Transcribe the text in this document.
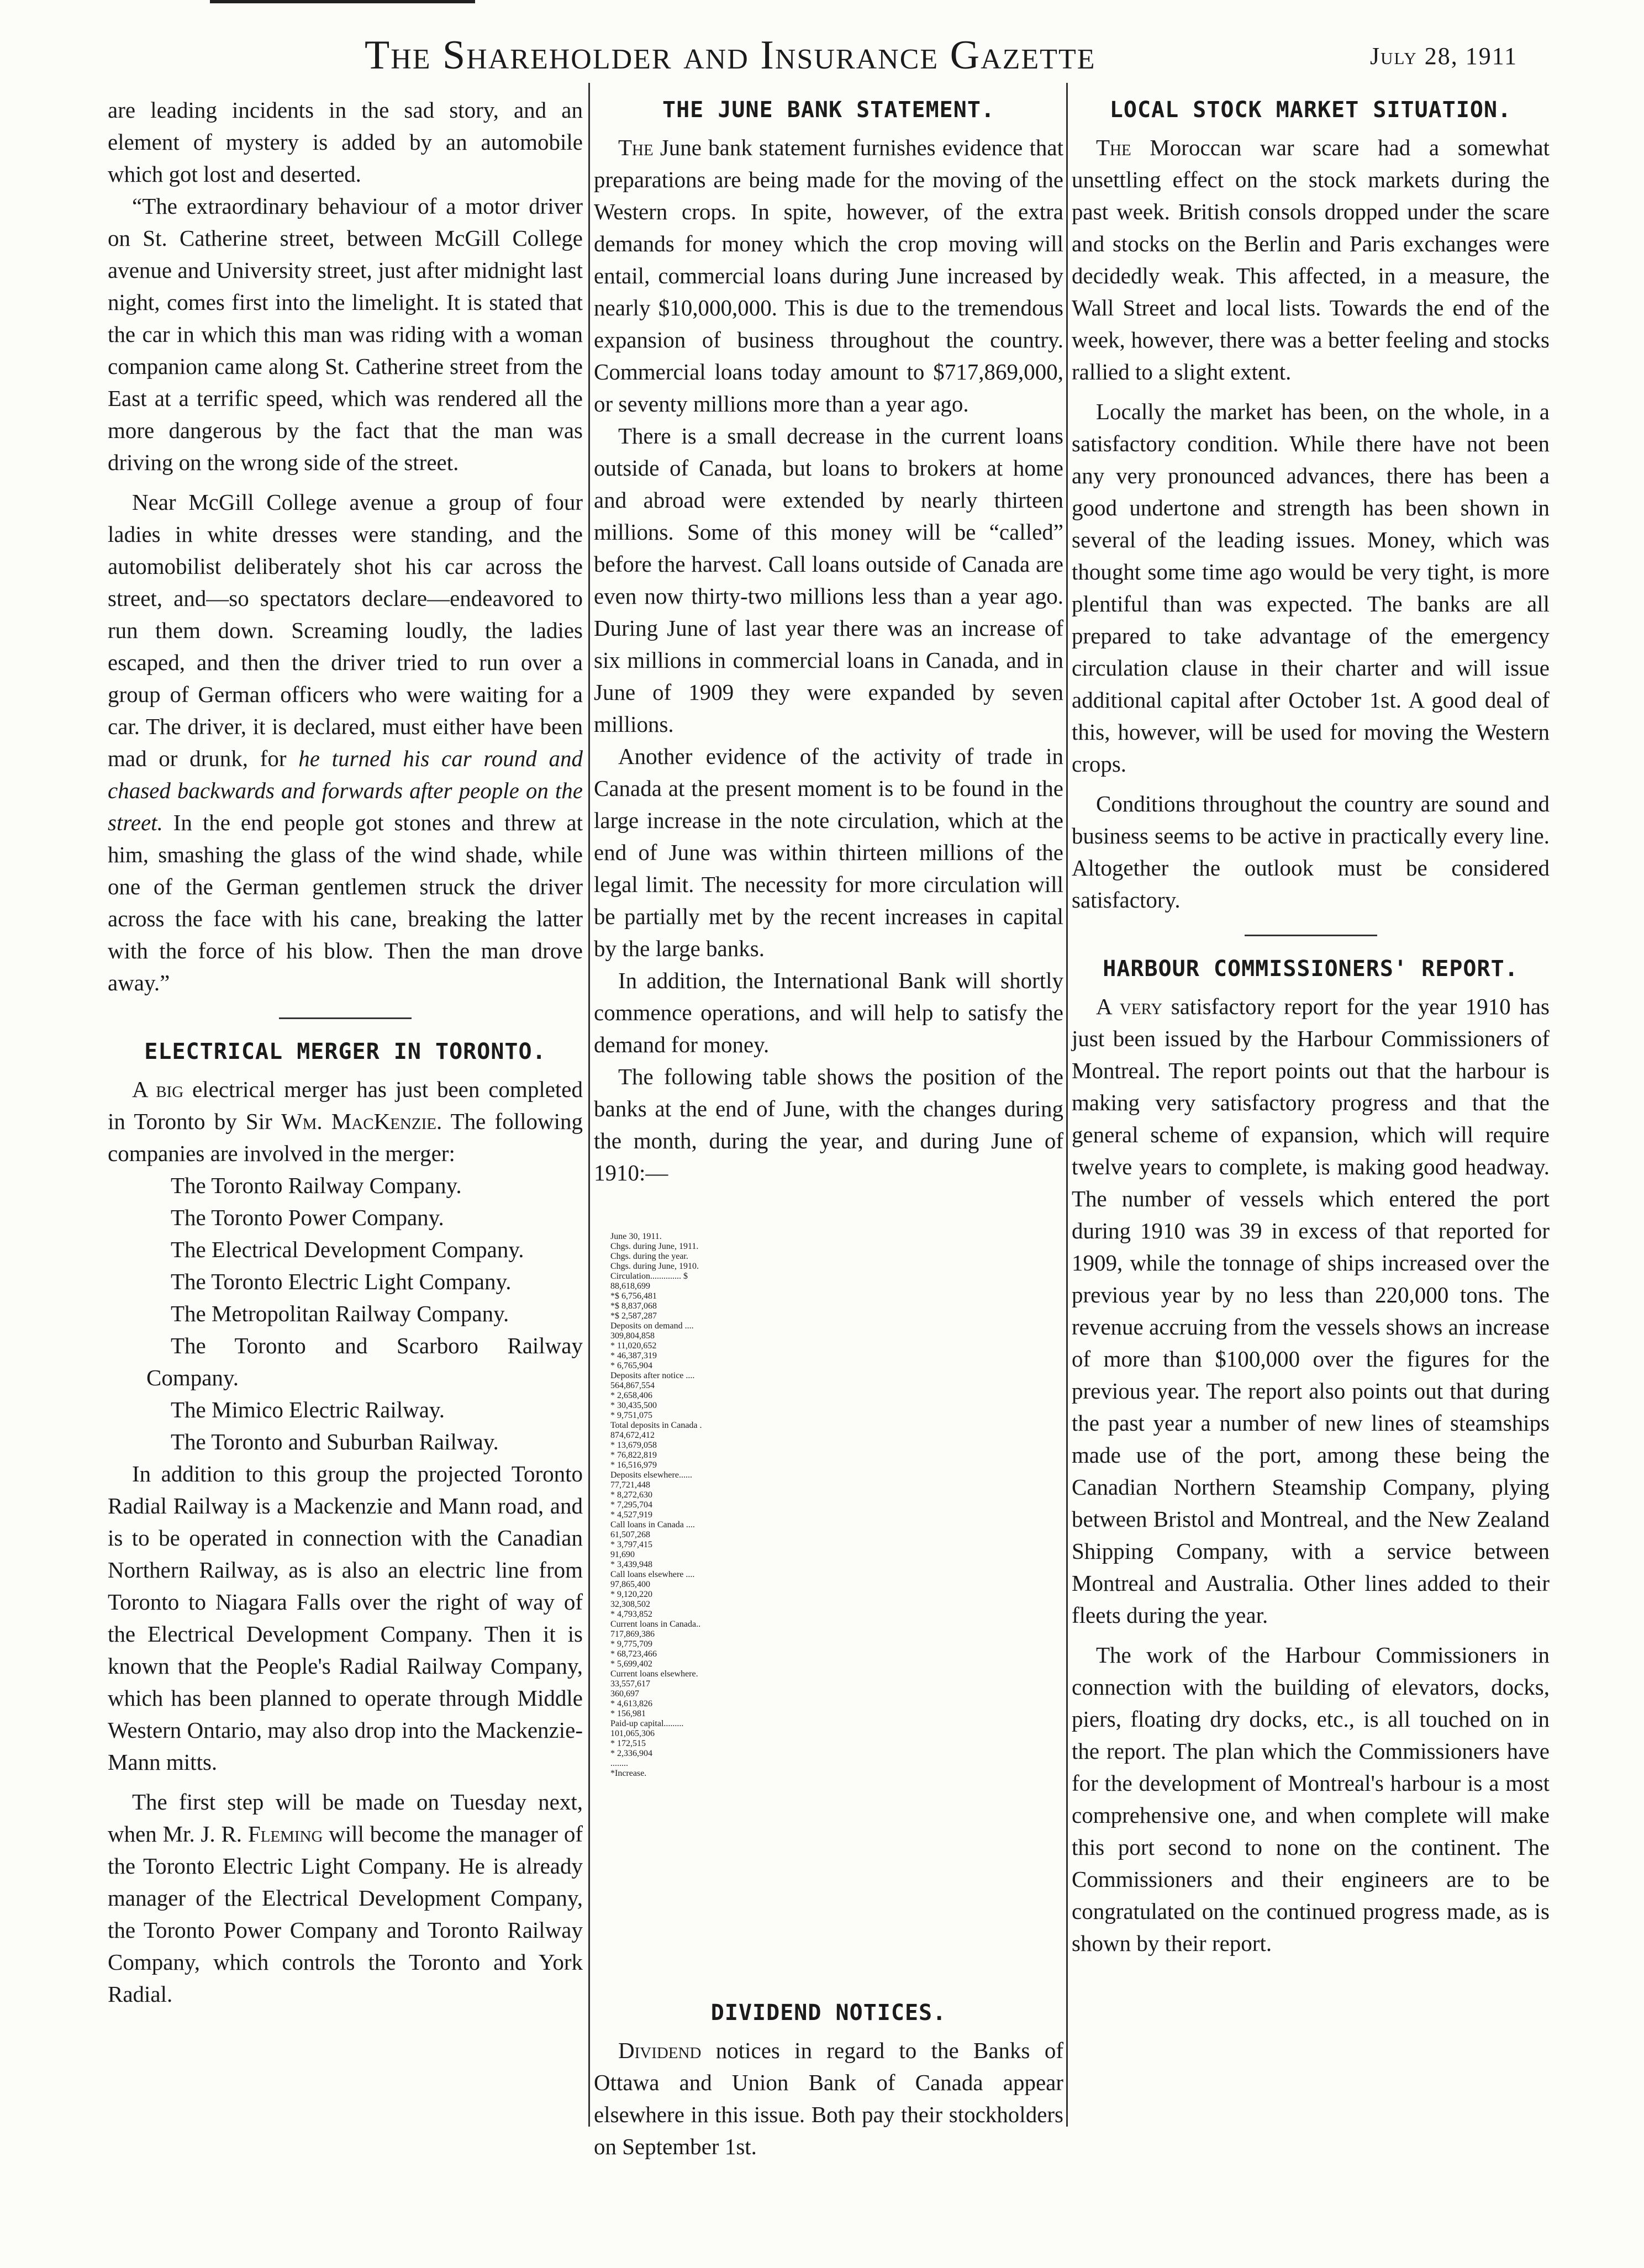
The Shareholder and Insurance Gazette	July 28, 1911

are leading incidents in the sad story, and an element of mystery is added by an automobile which got lost and deserted.

“The extraordinary behaviour of a motor driver on St. Catherine street, between McGill College avenue and University street, just after midnight last night, comes first into the limelight. It is stated that the car in which this man was riding with a woman companion came along St. Catherine street from the East at a terrific speed, which was rendered all the more dangerous by the fact that the man was driving on the wrong side of the street.

Near McGill College avenue a group of four ladies in white dresses were standing, and the automobilist deliberately shot his car across the street, and—so spectators declare—endeavored to run them down. Screaming loudly, the ladies escaped, and then the driver tried to run over a group of German officers who were waiting for a car. The driver, it is declared, must either have been mad or drunk, for he turned his car round and chased backwards and forwards after people on the street. In the end people got stones and threw at him, smashing the glass of the wind shade, while one of the German gentlemen struck the driver across the face with his cane, breaking the latter with the force of his blow. Then the man drove away.”

ELECTRICAL MERGER IN TORONTO.

A big electrical merger has just been completed in Toronto by Sir Wm. MacKenzie. The following companies are involved in the merger:

The Toronto Railway Company.

The Toronto Power Company.

The Electrical Development Company.

The Toronto Electric Light Company.

The Metropolitan Railway Company.

The Toronto and Scarboro Railway Company.

The Mimico Electric Railway.

The Toronto and Suburban Railway.

In addition to this group the projected Toronto Radial Railway is a Mackenzie and Mann road, and is to be operated in connection with the Canadian Northern Railway, as is also an electric line from Toronto to Niagara Falls over the right of way of the Electrical Development Company. Then it is known that the People's Radial Railway Company, which has been planned to operate through Middle Western Ontario, may also drop into the Mackenzie-Mann mitts.

The first step will be made on Tuesday next, when Mr. J. R. Fleming will become the manager of the Toronto Electric Light Company. He is already manager of the Electrical Development Company, the Toronto Power Company and Toronto Railway Company, which controls the Toronto and York Radial.

THE JUNE BANK STATEMENT.

The June bank statement furnishes evidence that preparations are being made for the moving of the Western crops. In spite, however, of the extra demands for money which the crop moving will entail, commercial loans during June increased by nearly $10,000,000. This is due to the tremendous expansion of business throughout the country. Commercial loans today amount to $717,869,000, or seventy millions more than a year ago.

There is a small decrease in the current loans outside of Canada, but loans to brokers at home and abroad were extended by nearly thirteen millions. Some of this money will be “called” before the harvest. Call loans outside of Canada are even now thirty-two millions less than a year ago. During June of last year there was an increase of six millions in commercial loans in Canada, and in June of 1909 they were expanded by seven millions.

Another evidence of the activity of trade in Canada at the present moment is to be found in the large increase in the note circulation, which at the end of June was within thirteen millions of the legal limit. The necessity for more circulation will be partially met by the recent increases in capital by the large banks.

In addition, the International Bank will shortly commence operations, and will help to satisfy the demand for money.

The following table shows the position of the banks at the end of June, with the changes during the month, during the year, and during June of 1910:—

June 30, 1911.
Chgs. during June, 1911.
Chgs. during the year.
Chgs. during June, 1910.
Circulation.............. $
88,618,699
*$ 6,756,481
*$ 8,837,068
*$ 2,587,287
Deposits on demand ....
309,804,858
* 11,020,652
* 46,387,319
* 6,765,904
Deposits after notice ....
564,867,554
* 2,658,406
* 30,435,500
* 9,751,075
Total deposits in Canada .
874,672,412
* 13,679,058
* 76,822,819
* 16,516,979
Deposits elsewhere......
77,721,448
* 8,272,630
* 7,295,704
* 4,527,919
Call loans in Canada ....
61,507,268
* 3,797,415
91,690
* 3,439,948
Call loans elsewhere ....
97,865,400
* 9,120,220
32,308,502
* 4,793,852
Current loans in Canada..
717,869,386
* 9,775,709
* 68,723,466
* 5,699,402
Current loans elsewhere.
33,557,617
360,697
* 4,613,826
* 156,981
Paid-up capital.........
101,065,306
* 172,515
* 2,336,904
........
*Increase.
DIVIDEND NOTICES.

Dividend notices in regard to the Banks of Ottawa and Union Bank of Canada appear elsewhere in this issue. Both pay their stockholders on September 1st.

LOCAL STOCK MARKET SITUATION.

The Moroccan war scare had a somewhat unsettling effect on the stock markets during the past week. British consols dropped under the scare and stocks on the Berlin and Paris exchanges were decidedly weak. This affected, in a measure, the Wall Street and local lists. Towards the end of the week, however, there was a better feeling and stocks rallied to a slight extent.

Locally the market has been, on the whole, in a satisfactory condition. While there have not been any very pronounced advances, there has been a good undertone and strength has been shown in several of the leading issues. Money, which was thought some time ago would be very tight, is more plentiful than was expected. The banks are all prepared to take advantage of the emergency circulation clause in their charter and will issue additional capital after October 1st. A good deal of this, however, will be used for moving the Western crops.

Conditions throughout the country are sound and business seems to be active in practically every line. Altogether the outlook must be considered satisfactory.

HARBOUR COMMISSIONERS' REPORT.

A very satisfactory report for the year 1910 has just been issued by the Harbour Commissioners of Montreal. The report points out that the harbour is making very satisfactory progress and that the general scheme of expansion, which will require twelve years to complete, is making good headway. The number of vessels which entered the port during 1910 was 39 in excess of that reported for 1909, while the tonnage of ships increased over the previous year by no less than 220,000 tons. The revenue accruing from the vessels shows an increase of more than $100,000 over the figures for the previous year. The report also points out that during the past year a number of new lines of steamships made use of the port, among these being the Canadian Northern Steamship Company, plying between Bristol and Montreal, and the New Zealand Shipping Company, with a service between Montreal and Australia. Other lines added to their fleets during the year.

The work of the Harbour Commissioners in connection with the building of elevators, docks, piers, floating dry docks, etc., is all touched on in the report. The plan which the Commissioners have for the development of Montreal's harbour is a most comprehensive one, and when complete will make this port second to none on the continent. The Commissioners and their engineers are to be congratulated on the continued progress made, as is shown by their report.
